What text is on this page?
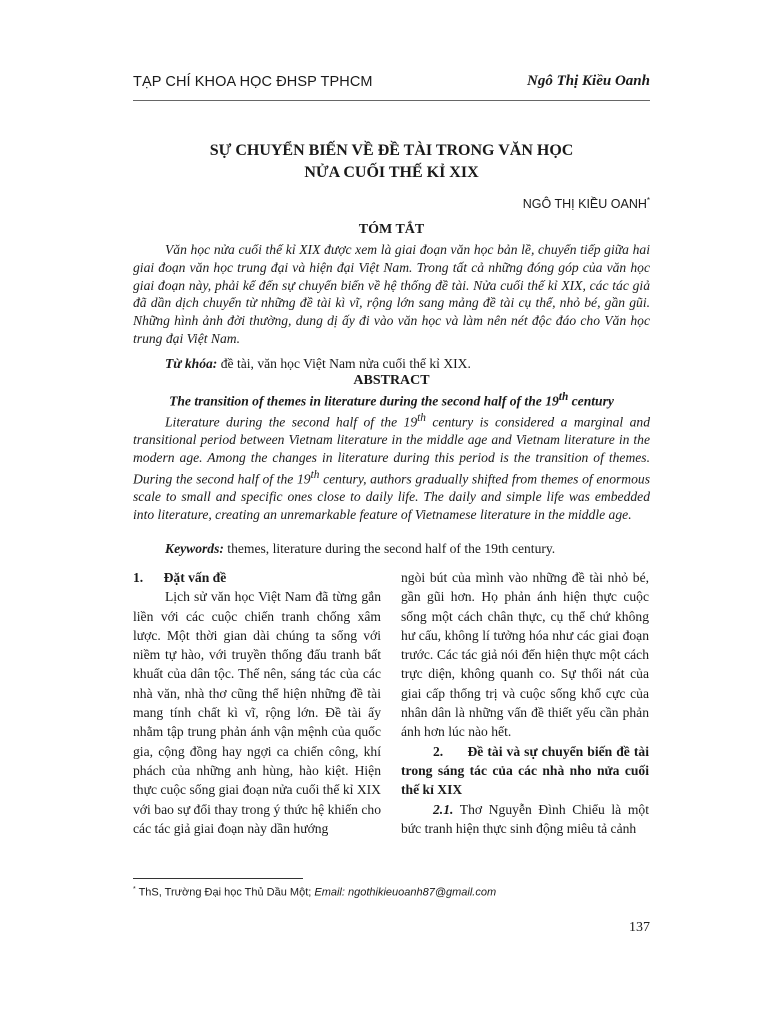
TẠP CHÍ KHOA HỌC ĐHSP TPHCM	Ngô Thị Kiều Oanh
SỰ CHUYỂN BIẾN VỀ ĐỀ TÀI TRONG VĂN HỌC
NỬA CUỐI THẾ KỈ XIX
NGÔ THỊ KIỀU OANH*
TÓM TẮT
Văn học nửa cuối thế kỉ XIX được xem là giai đoạn văn học bản lề, chuyển tiếp giữa hai giai đoạn văn học trung đại và hiện đại Việt Nam. Trong tất cả những đóng góp của văn học giai đoạn này, phải kể đến sự chuyển biến về hệ thống đề tài. Nửa cuối thế kỉ XIX, các tác giả đã dần dịch chuyển từ những đề tài kì vĩ, rộng lớn sang mảng đề tài cụ thể, nhỏ bé, gần gũi. Những hình ảnh đời thường, dung dị ấy đi vào văn học và làm nên nét độc đáo cho Văn học trung đại Việt Nam.
Từ khóa: đề tài, văn học Việt Nam nửa cuối thế kỉ XIX.
ABSTRACT
The transition of themes in literature during the second half of the 19th century
Literature during the second half of the 19th century is considered a marginal and transitional period between Vietnam literature in the middle age and Vietnam literature in the modern age. Among the changes in literature during this period is the transition of themes. During the second half of the 19th century, authors gradually shifted from themes of enormous scale to small and specific ones close to daily life. The daily and simple life was embedded into literature, creating an unremarkable feature of Vietnamese literature in the middle age.
Keywords: themes, literature during the second half of the 19th century.

1.      Đặt vấn đề

Lịch sử văn học Việt Nam đã từng gắn liền với các cuộc chiến tranh chống xâm lược. Một thời gian dài chúng ta sống với niềm tự hào, với truyền thống đấu tranh bất khuất của dân tộc. Thế nên, sáng tác của các nhà văn, nhà thơ cũng thể hiện những đề tài mang tính chất kì vĩ, rộng lớn. Đề tài ấy nhằm tập trung phản ánh vận mệnh của quốc gia, cộng đồng hay ngợi ca chiến công, khí phách của những anh hùng, hào kiệt. Hiện thực cuộc sống giai đoạn nửa cuối thế kỉ XIX với bao sự đổi thay trong ý thức hệ khiến cho các tác giả giai đoạn này dần hướng

ngòi bút của mình vào những đề tài nhỏ bé, gần gũi hơn. Họ phản ánh hiện thực cuộc sống một cách chân thực, cụ thể chứ không hư cấu, không lí tưởng hóa như các giai đoạn trước. Các tác giả nói đến hiện thực một cách trực diện, không quanh co. Sự thối nát của giai cấp thống trị và cuộc sống khổ cực của nhân dân là những vấn đề thiết yếu cần phản ánh hơn lúc nào hết.

2.      Đề tài và sự chuyển biến đề tài trong sáng tác của các nhà nho nửa cuối thế kỉ XIX

2.1. Thơ Nguyễn Đình Chiểu là một bức tranh hiện thực sinh động miêu tả cảnh

* ThS, Trường Đại học Thủ Dầu Một; Email: ngothikieuoanh87@gmail.com
137
